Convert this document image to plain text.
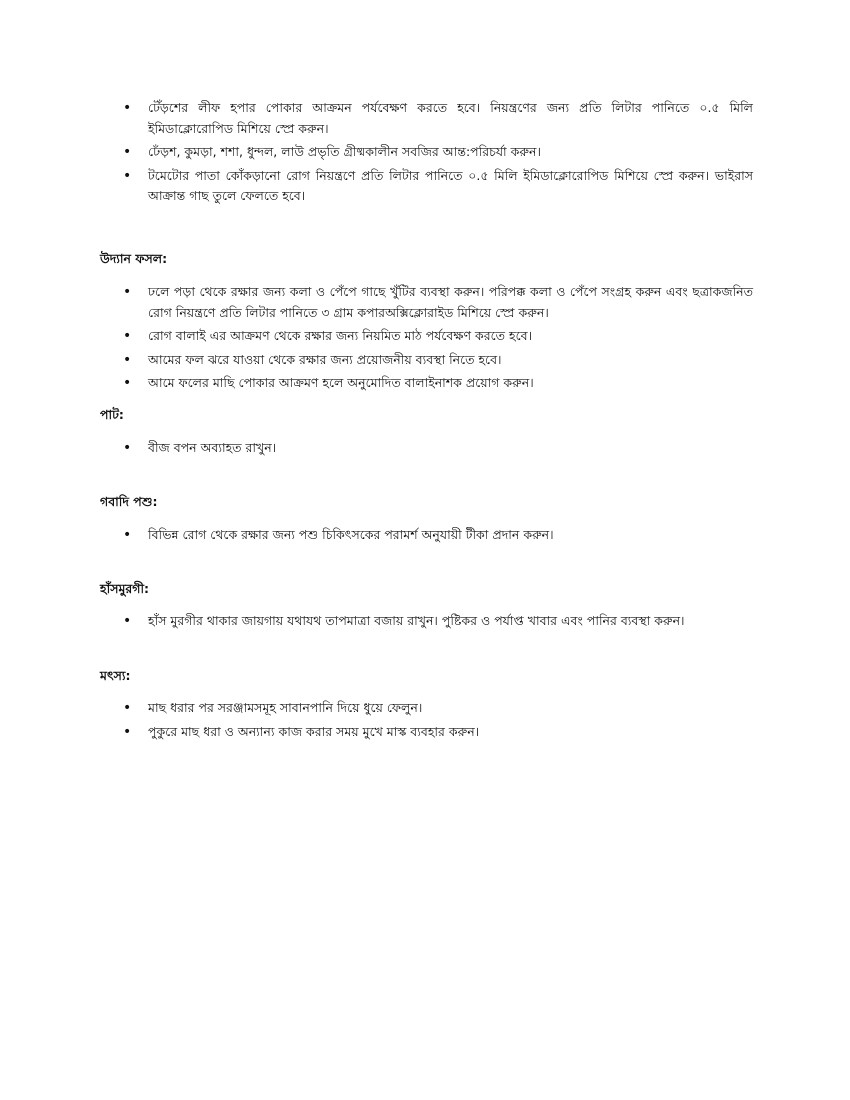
• টেঁড়শের লীফ হপার পোকার আক্রমন পর্যবেক্ষণ করতে হবে। নিয়ন্ত্রণের জন্য প্রতি লিটার পানিতে ০.৫ মিলি ইমিডাক্লোরোপিড মিশিয়ে স্প্রে করুন।
• ঢেঁড়শ, কুমড়া, শশা, ধুন্দল, লাউ প্রভৃতি গ্রীষ্মকালীন সবজির আন্ত:পরিচর্যা করুন।
• টমেটোর পাতা কোঁকড়ানো রোগ নিয়ন্ত্রণে প্রতি লিটার পানিতে ০.৫ মিলি ইমিডাক্লোরোপিড মিশিয়ে স্প্রে করুন। ভাইরাস আক্রান্ত গাছ তুলে ফেলতে হবে।
উদ্যান ফসল:
• ঢলে পড়া থেকে রক্ষার জন্য কলা ও পেঁপে গাছে খুঁটির ব্যবস্থা করুন। পরিপক্ক কলা ও পেঁপে সংগ্রহ করুন এবং ছত্রাকজনিত রোগ নিয়ন্ত্রণে প্রতি লিটার পানিতে ৩ গ্রাম কপারঅক্সিক্লোরাইড মিশিয়ে স্প্রে করুন।
• রোগ বালাই এর আক্রমণ থেকে রক্ষার জন্য নিয়মিত মাঠ পর্যবেক্ষণ করতে হবে।
• আমের ফল ঝরে যাওয়া থেকে রক্ষার জন্য প্রয়োজনীয় ব্যবস্থা নিতে হবে।
• আমে ফলের মাছি পোকার আক্রমণ হলে অনুমোদিত বালাইনাশক প্রয়োগ করুন।
পাট:
• বীজ বপন অব্যাহত রাখুন।
গবাদি পশু:
• বিভিন্ন রোগ থেকে রক্ষার জন্য পশু চিকিৎসকের পরামর্শ অনুযায়ী টীকা প্রদান করুন।
হাঁসমুরগী:
• হাঁস মুরগীর থাকার জায়গায় যথাযথ তাপমাত্রা বজায় রাখুন। পুষ্টিকর ও পর্যাপ্ত খাবার এবং পানির ব্যবস্থা করুন।
মৎস্য:
• মাছ ধরার পর সরঞ্জামসমূহ সাবানপানি দিয়ে ধুয়ে ফেলুন।
• পুকুরে মাছ ধরা ও অন্যান্য কাজ করার সময় মুখে মাস্ক ব্যবহার করুন।
